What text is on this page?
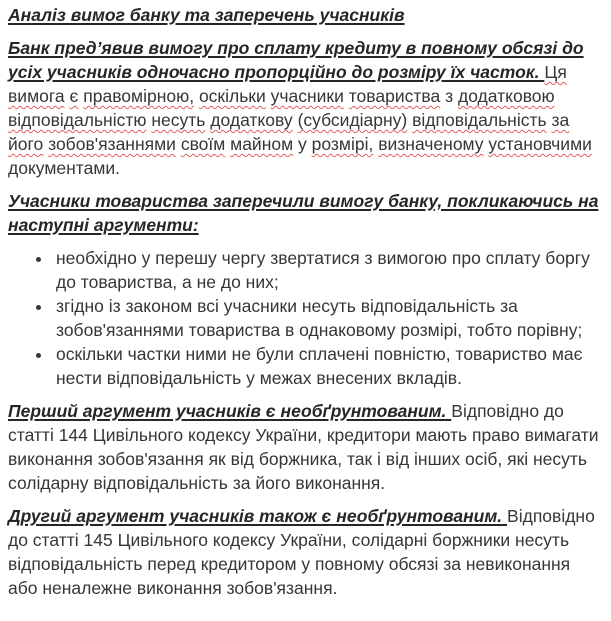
Аналіз вимог банку та заперечень учасників

Банк пред’явив вимогу про сплату кредиту в повному обсязі до усіх учасників одночасно пропорційно до розміру їх часток. Ця вимога є правомірною, оскільки учасники товариства з додатковою відповідальністю несуть додаткову (субсидіарну) відповідальність за його зобов'язаннями своїм майном у розмірі, визначеному установчими документами.

Учасники товариства заперечили вимогу банку, покликаючись на наступні аргументи:

• необхідно у перешу чергу звертатися з вимогою про сплату боргу до товариства, а не до них;
• згідно із законом всі учасники несуть відповідальність за зобов'язаннями товариства в однаковому розмірі, тобто порівну;
• оскільки частки ними не були сплачені повністю, товариство має нести відповідальність у межах внесених вкладів.

Перший аргумент учасників є необґрунтованим. Відповідно до статті 144 Цивільного кодексу України, кредитори мають право вимагати виконання зобов'язання як від боржника, так і від інших осіб, які несуть солідарну відповідальність за його виконання.

Другий аргумент учасників також є необґрунтованим. Відповідно до статті 145 Цивільного кодексу України, солідарні боржники несуть відповідальність перед кредитором у повному обсязі за невиконання або неналежне виконання зобов'язання.
